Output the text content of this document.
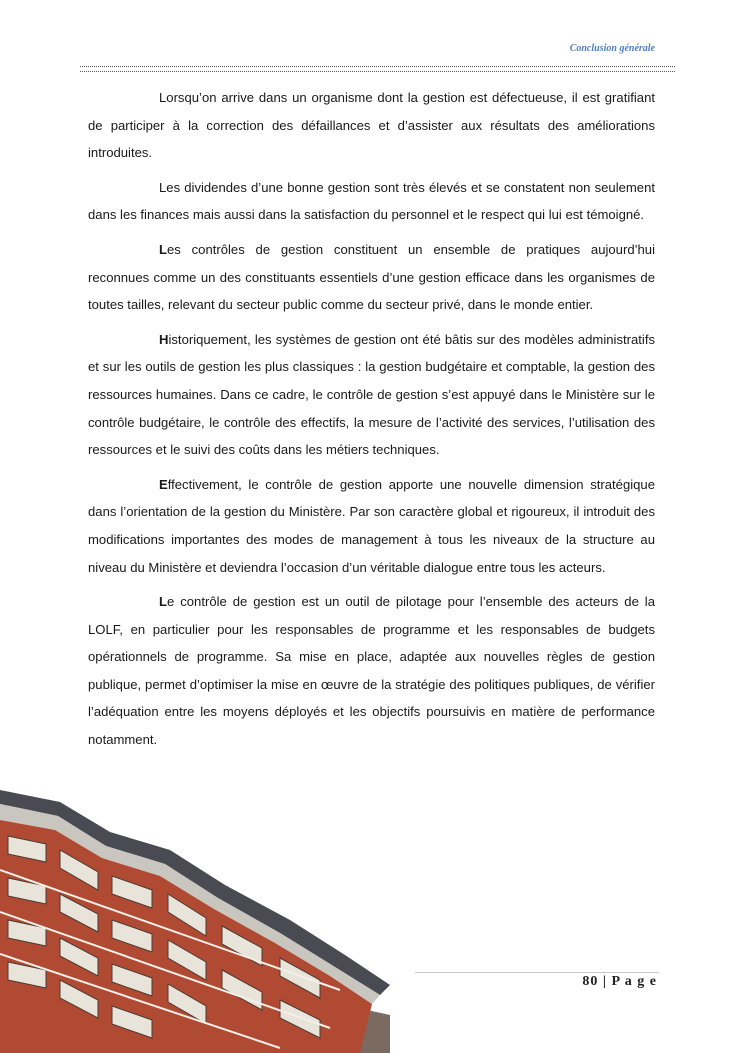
Conclusion générale

Lorsqu’on arrive dans un organisme dont la gestion est défectueuse, il est gratifiant de participer à la correction des défaillances et d’assister aux résultats des améliorations introduites.

Les dividendes d’une bonne gestion sont très élevés et se constatent non seulement dans les finances mais aussi dans la satisfaction du personnel et le respect qui lui est témoigné.

Les contrôles de gestion constituent un ensemble de pratiques aujourd’hui reconnues comme un des constituants essentiels d’une gestion efficace dans les organismes de toutes tailles, relevant du secteur public comme du secteur privé, dans le monde entier.

Historiquement, les systèmes de gestion ont été bâtis sur des modèles administratifs et sur les outils de gestion les plus classiques : la gestion budgétaire et comptable, la gestion des ressources humaines. Dans ce cadre, le contrôle de gestion s’est appuyé dans le Ministère sur le contrôle budgétaire, le contrôle des effectifs, la mesure de l’activité des services, l’utilisation des ressources et le suivi des coûts dans les métiers techniques.

Effectivement, le contrôle de gestion apporte une nouvelle dimension stratégique dans l’orientation de la gestion du Ministère. Par son caractère global et rigoureux, il introduit des modifications importantes des modes de management à tous les niveaux de la structure au niveau du Ministère et deviendra l’occasion d’un véritable dialogue entre tous les acteurs.

Le contrôle de gestion est un outil de pilotage pour l’ensemble des acteurs de la LOLF, en particulier pour les responsables de programme et les responsables de budgets opérationnels de programme. Sa mise en place, adaptée aux nouvelles règles de gestion publique, permet d’optimiser la mise en œuvre de la stratégie des politiques publiques, de vérifier l’adéquation entre les moyens déployés et les objectifs poursuivis en matière de performance notamment.

80 | P a g e
